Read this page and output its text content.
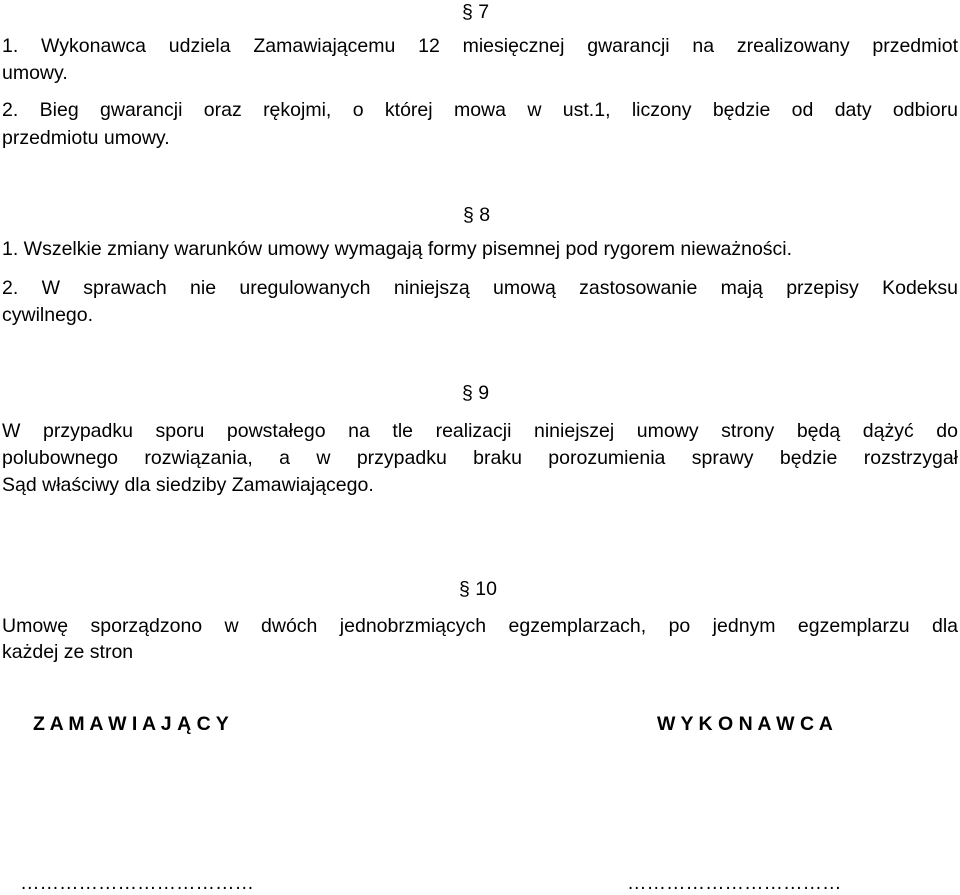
§ 7
1. Wykonawca udziela Zamawiającemu 12 miesięcznej gwarancji na zrealizowany przedmiot
umowy.
2. Bieg gwarancji oraz rękojmi, o której mowa w ust.1, liczony będzie od daty odbioru
przedmiotu umowy.
§ 8
1. Wszelkie zmiany warunków umowy wymagają formy pisemnej pod rygorem nieważności.
2. W sprawach nie uregulowanych niniejszą umową zastosowanie mają przepisy Kodeksu
cywilnego.
§ 9
W przypadku sporu powstałego na tle realizacji niniejszej umowy strony będą dążyć do
polubownego rozwiązania, a w przypadku braku porozumienia sprawy będzie rozstrzygał
Sąd właściwy dla siedziby Zamawiającego.
§ 10
Umowę sporządzono w dwóch jednobrzmiących egzemplarzach, po jednym egzemplarzu dla
każdej ze stron
Z A M A W I A J Ą C Y	W Y K O N A W C A
………………………………	……………………………
